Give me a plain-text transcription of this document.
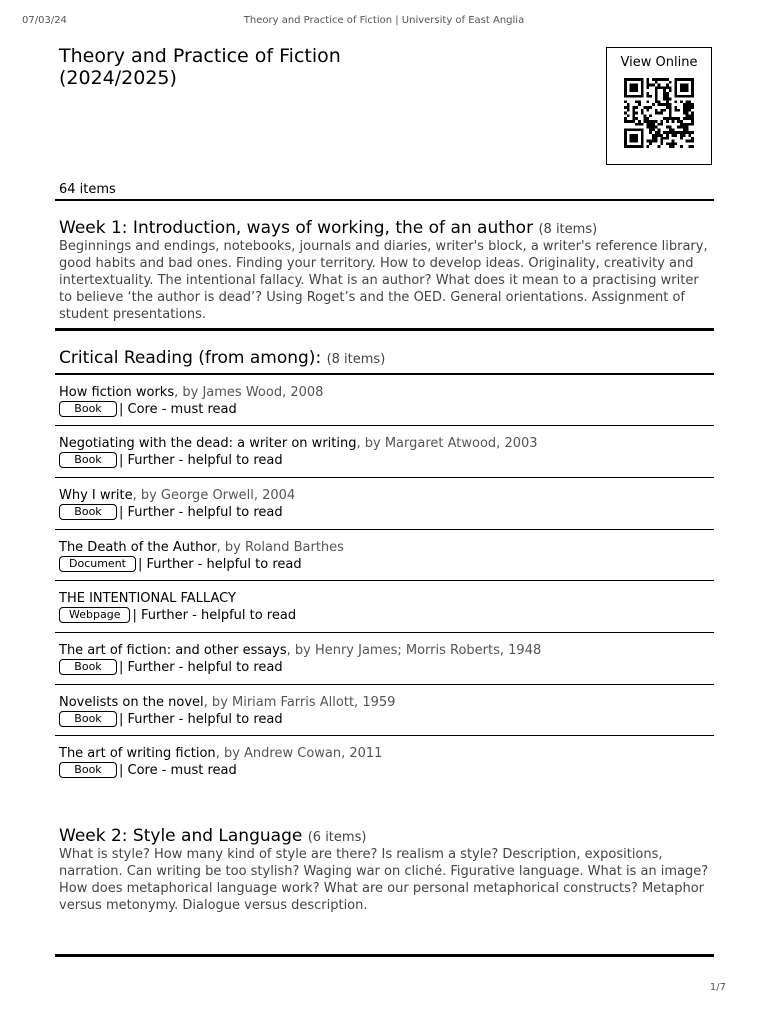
07/03/24	Theory and Practice of Fiction | University of East Anglia
Theory and Practice of Fiction
(2024/2025)
View Online
64 items
Week 1: Introduction, ways of working, the of an author (8 items)

Beginnings and endings, notebooks, journals and diaries, writer's block, a writer's reference library, good habits and bad ones. Finding your territory. How to develop ideas. Originality, creativity and intertextuality. The intentional fallacy. What is an author? What does it mean to a practising writer to believe ‘the author is dead’? Using Roget’s and the OED. General orientations. Assignment of student presentations.

Critical Reading (from among): (8 items)
How fiction works, by James Wood, 2008
Book | Core - must read
Negotiating with the dead: a writer on writing, by Margaret Atwood, 2003
Book | Further - helpful to read
Why I write, by George Orwell, 2004
Book | Further - helpful to read
The Death of the Author, by Roland Barthes
Document | Further - helpful to read
THE INTENTIONAL FALLACY
Webpage | Further - helpful to read
The art of fiction: and other essays, by Henry James; Morris Roberts, 1948
Book | Further - helpful to read
Novelists on the novel, by Miriam Farris Allott, 1959
Book | Further - helpful to read
The art of writing fiction, by Andrew Cowan, 2011
Book | Core - must read
Week 2: Style and Language (6 items)

What is style? How many kind of style are there? Is realism a style? Description, expositions, narration. Can writing be too stylish? Waging war on cliché. Figurative language. What is an image? How does metaphorical language work? What are our personal metaphorical constructs? Metaphor versus metonymy. Dialogue versus description.

1/7
